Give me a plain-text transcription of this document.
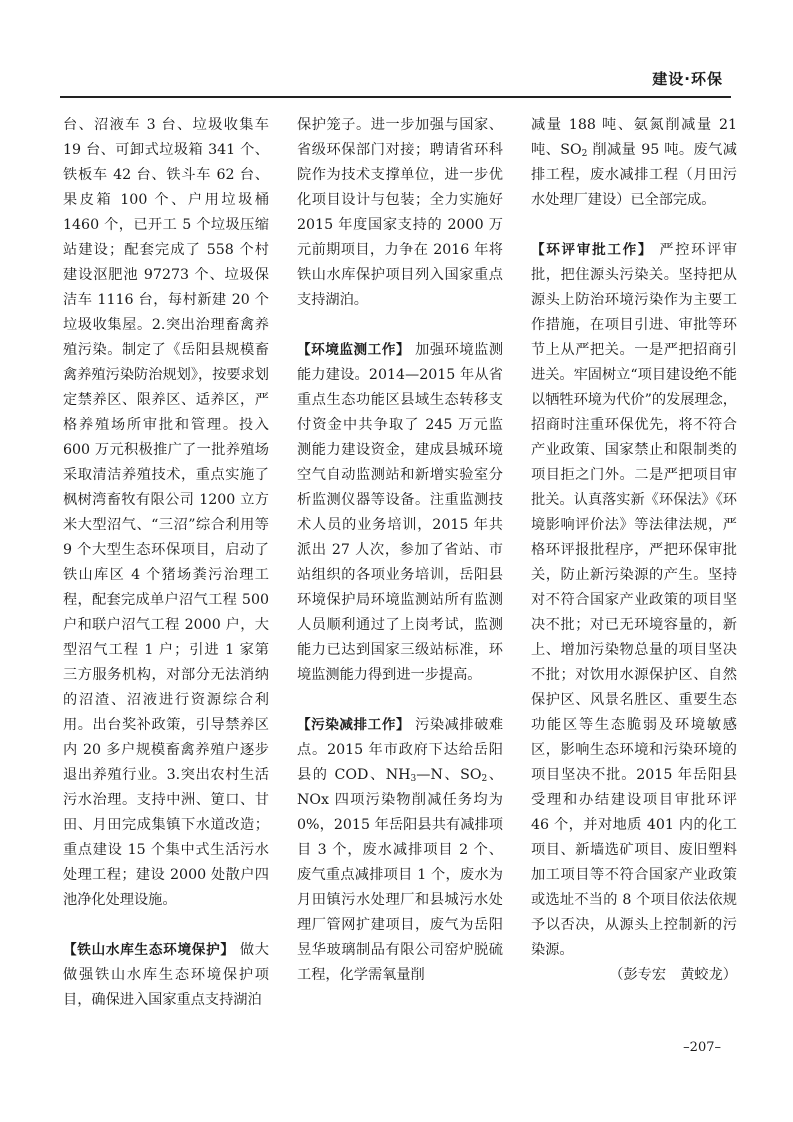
建设·环保

台、沼液车 3 台、垃圾收集车 19 台、可卸式垃圾箱 341 个、铁板车 42 台、铁斗车 62 台、果皮箱 100 个、户用垃圾桶 1460 个，已开工 5 个垃圾压缩站建设；配套完成了 558 个村建设沤肥池 97273 个、垃圾保洁车 1116 台，每村新建 20 个垃圾收集屋。2.突出治理畜禽养殖污染。制定了《岳阳县规模畜禽养殖污染防治规划》，按要求划定禁养区、限养区、适养区，严格养殖场所审批和管理。投入 600 万元积极推广了一批养殖场采取清洁养殖技术，重点实施了枫树湾畜牧有限公司 1200 立方米大型沼气、“三沼”综合利用等 9 个大型生态环保项目，启动了铁山库区 4 个猪场粪污治理工程，配套完成单户沼气工程 500 户和联户沼气工程 2000 户，大型沼气工程 1 户；引进 1 家第三方服务机构，对部分无法消纳的沼渣、沼液进行资源综合利用。出台奖补政策，引导禁养区内 20 多户规模畜禽养殖户逐步退出养殖行业。3.突出农村生活污水治理。支持中洲、筻口、甘田、月田完成集镇下水道改造；重点建设 15 个集中式生活污水处理工程；建设 2000 处散户四池净化处理设施。

【铁山水库生态环境保护】 做大做强铁山水库生态环境保护项目，确保进入国家重点支持湖泊

保护笼子。进一步加强与国家、省级环保部门对接；聘请省环科院作为技术支撑单位，进一步优化项目设计与包装；全力实施好 2015 年度国家支持的 2000 万元前期项目，力争在 2016 年将铁山水库保护项目列入国家重点支持湖泊。

【环境监测工作】 加强环境监测能力建设。2014—2015 年从省重点生态功能区县域生态转移支付资金中共争取了 245 万元监测能力建设资金，建成县城环境空气自动监测站和新增实验室分析监测仪器等设备。注重监测技术人员的业务培训，2015 年共派出 27 人次，参加了省站、市站组织的各项业务培训，岳阳县环境保护局环境监测站所有监测人员顺利通过了上岗考试，监测能力已达到国家三级站标准，环境监测能力得到进一步提高。

【污染减排工作】 污染减排破难点。2015 年市政府下达给岳阳县的 COD、$NH_3—N$、$SO_2$、NOx 四项污染物削减任务均为 0%，2015 年岳阳县共有减排项目 3 个，废水减排项目 2 个、废气重点减排项目 1 个，废水为月田镇污水处理厂和县城污水处理厂管网扩建项目，废气为岳阳昱华玻璃制品有限公司窑炉脱硫工程，化学需氧量削

减量 188 吨、氨氮削减量 21 吨、$SO_2$ 削减量 95 吨。废气减排工程，废水减排工程（月田污水处理厂建设）已全部完成。

【环评审批工作】 严控环评审批，把住源头污染关。坚持把从源头上防治环境污染作为主要工作措施，在项目引进、审批等环节上从严把关。一是严把招商引进关。牢固树立“项目建设绝不能以牺牲环境为代价”的发展理念，招商时注重环保优先，将不符合产业政策、国家禁止和限制类的项目拒之门外。二是严把项目审批关。认真落实新《环保法》《环境影响评价法》等法律法规，严格环评报批程序，严把环保审批关，防止新污染源的产生。坚持对不符合国家产业政策的项目坚决不批；对已无环境容量的，新上、增加污染物总量的项目坚决不批；对饮用水源保护区、自然保护区、风景名胜区、重要生态功能区等生态脆弱及环境敏感区，影响生态环境和污染环境的项目坚决不批。2015 年岳阳县受理和办结建设项目审批环评 46 个，并对地质 401 内的化工项目、新墙选矿项目、废旧塑料加工项目等不符合国家产业政策或选址不当的 8 个项目依法依规予以否决，从源头上控制新的污染源。

（彭专宏　黄蛟龙）

–207–
